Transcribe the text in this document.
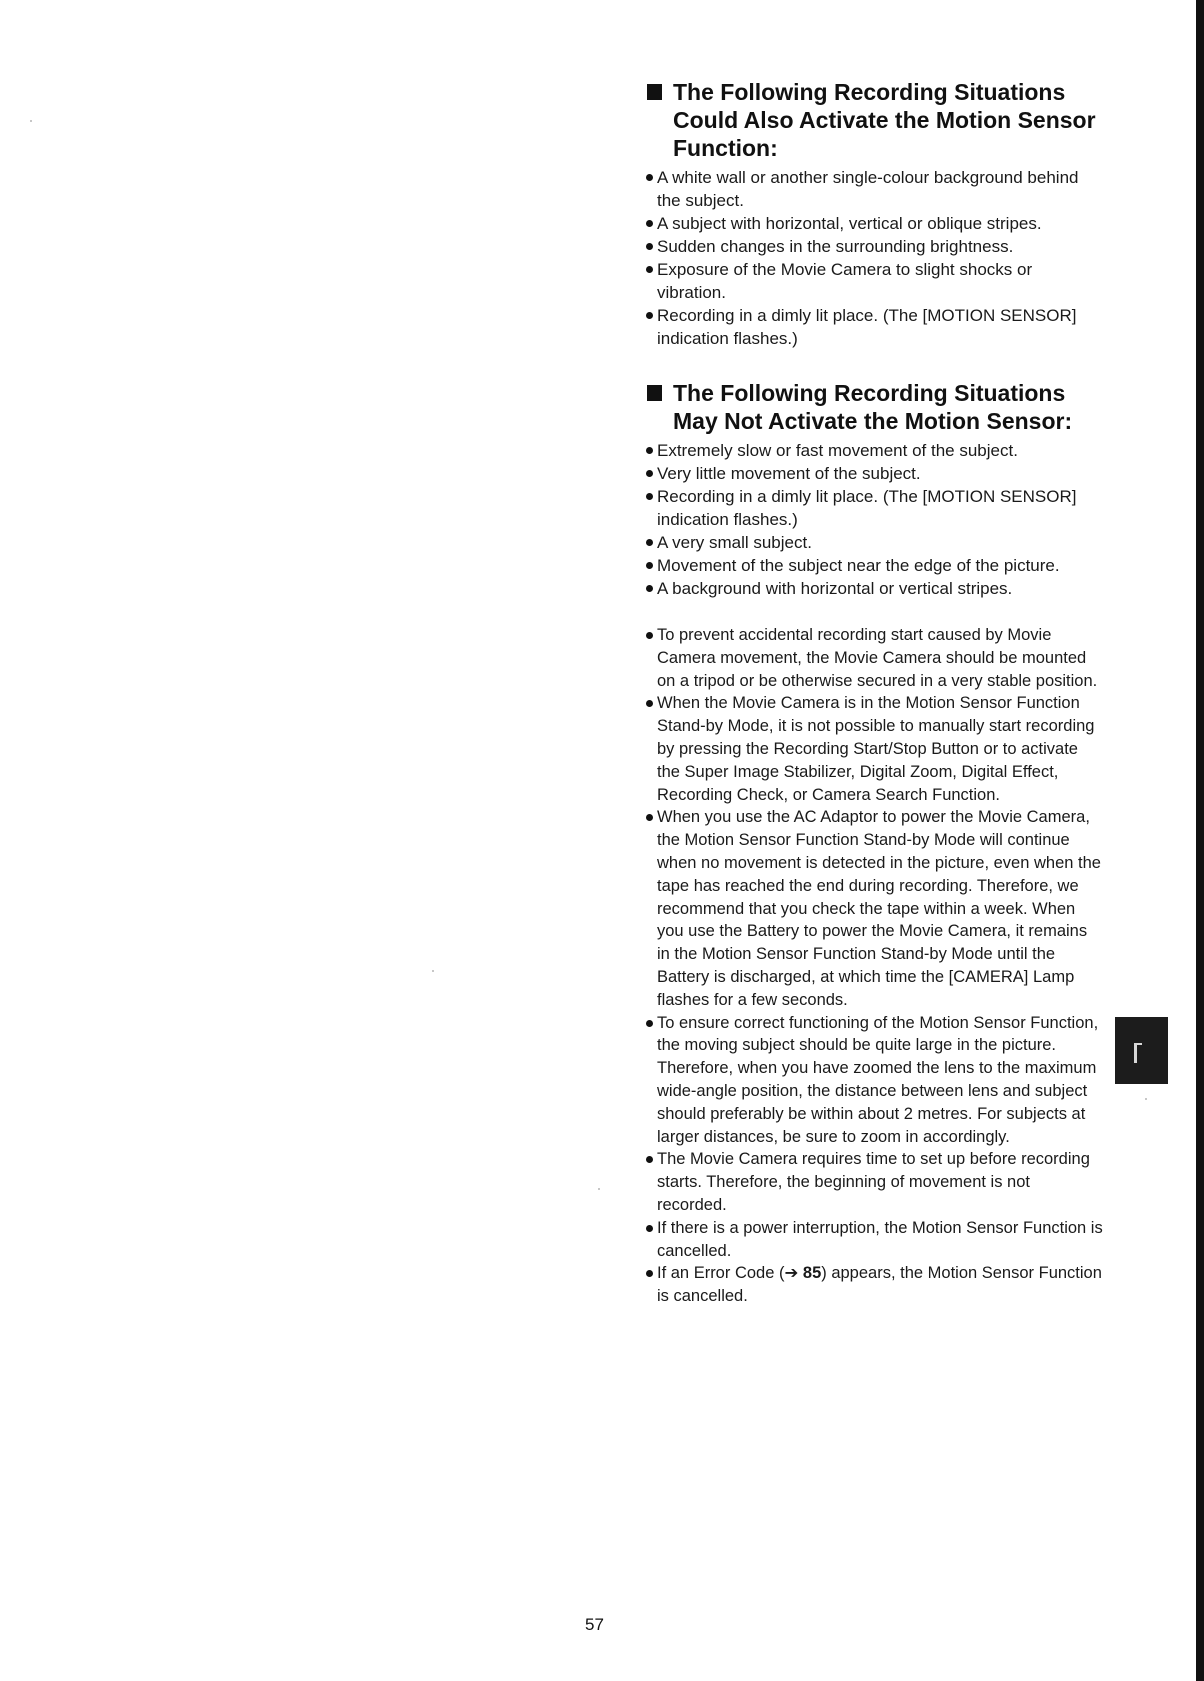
The Following Recording Situations Could Also Activate the Motion Sensor Function:
A white wall or another single-colour background behind the subject.
A subject with horizontal, vertical or oblique stripes.
Sudden changes in the surrounding brightness.
Exposure of the Movie Camera to slight shocks or vibration.
Recording in a dimly lit place. (The [MOTION SENSOR] indication flashes.)
The Following Recording Situations May Not Activate the Motion Sensor:
Extremely slow or fast movement of the subject.
Very little movement of the subject.
Recording in a dimly lit place. (The [MOTION SENSOR] indication flashes.)
A very small subject.
Movement of the subject near the edge of the picture.
A background with horizontal or vertical stripes.
To prevent accidental recording start caused by Movie Camera movement, the Movie Camera should be mounted on a tripod or be otherwise secured in a very stable position.
When the Movie Camera is in the Motion Sensor Function Stand-by Mode, it is not possible to manually start recording by pressing the Recording Start/Stop Button or to activate the Super Image Stabilizer, Digital Zoom, Digital Effect, Recording Check, or Camera Search Function.
When you use the AC Adaptor to power the Movie Camera, the Motion Sensor Function Stand-by Mode will continue when no movement is detected in the picture, even when the tape has reached the end during recording. Therefore, we recommend that you check the tape within a week. When you use the Battery to power the Movie Camera, it remains in the Motion Sensor Function Stand-by Mode until the Battery is discharged, at which time the [CAMERA] Lamp flashes for a few seconds.
To ensure correct functioning of the Motion Sensor Function, the moving subject should be quite large in the picture. Therefore, when you have zoomed the lens to the maximum wide-angle position, the distance between lens and subject should preferably be within about 2 metres. For subjects at larger distances, be sure to zoom in accordingly.
The Movie Camera requires time to set up before recording starts. Therefore, the beginning of movement is not recorded.
If there is a power interruption, the Motion Sensor Function is cancelled.
If an Error Code (➔ 85) appears, the Motion Sensor Function is cancelled.
57
